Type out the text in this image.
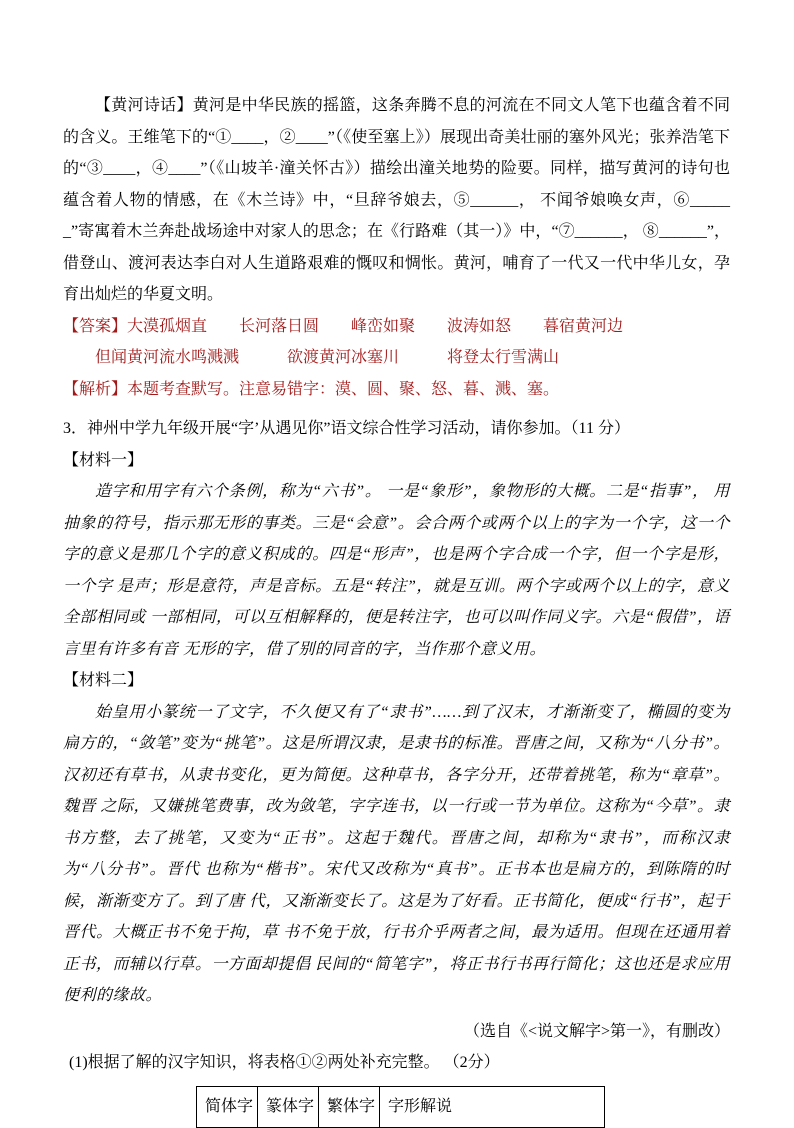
【黄河诗话】黄河是中华民族的摇篮，这条奔腾不息的河流在不同文人笔下也蕴含着不同的含义。王维笔下的“①____，②____”（《使至塞上》）展现出奇美壮丽的塞外风光；张养浩笔下的“③____，④____”（《山坡羊·潼关怀古》）描绘出潼关地势的险要。同样，描写黄河的诗句也蕴含着人物的情感，在《木兰诗》中，“旦辞爷娘去，⑤______， 不闻爷娘唤女声，⑥______”寄寓着木兰奔赴战场途中对家人的思念；在《行路难（其一）》中，“⑦______， ⑧______”，借登山、渡河表达李白对人生道路艰难的慨叹和惆怅。黄河，哺育了一代又一代中华儿女，孕育出灿烂的华夏文明。

【答案】大漠孤烟直　　长河落日圆　　峰峦如聚　　波涛如怒　　暮宿黄河边
但闻黄河流水鸣溅溅　　　欲渡黄河冰塞川　　　将登太行雪满山
【解析】本题考查默写。注意易错字：漠、圆、聚、怒、暮、溅、塞。
3．神州中学九年级开展“字’从遇见你”语文综合性学习活动，请你参加。（11 分）
【材料一】

造字和用字有六个条例，称为“六书”。 一是“象形”，象物形的大概。二是“指事”， 用抽象的符号，指示那无形的事类。三是“会意”。会合两个或两个以上的字为一个字，这一个字的意义是那几个字的意义积成的。四是“形声”，也是两个字合成一个字，但一个字是形， 一个字 是声；形是意符，声是音标。五是“转注”，就是互训。两个字或两个以上的字，意义全部相同或 一部相同，可以互相解释的，便是转注字，也可以叫作同义字。六是“假借”，语言里有许多有音 无形的字，借了别的同音的字，当作那个意义用。

【材料二】

始皇用小篆统一了文字，不久便又有了“隶书”……到了汉末，才渐渐变了，椭圆的变为扁方的，“敛笔”变为“挑笔”。这是所谓汉隶，是隶书的标准。晋唐之间，又称为“八分书”。 汉初还有草书，从隶书变化，更为简便。这种草书，各字分开，还带着挑笔，称为“章草”。魏晋 之际，又嫌挑笔费事，改为敛笔，字字连书，以一行或一节为单位。这称为“今草”。隶书方整，去了挑笔，又变为“正书”。这起于魏代。晋唐之间，却称为“隶书”，而称汉隶为“八分书”。晋代 也称为“楷书”。宋代又改称为“真书”。正书本也是扁方的，到陈隋的时候，渐渐变方了。到了唐 代，又渐渐变长了。这是为了好看。正书简化，便成“行书”，起于晋代。大概正书不免于拘，草 书不免于放，行书介乎两者之间，最为适用。但现在还通用着正书，而辅以行草。一方面却提倡 民间的“简笔字”，将正书行书再行简化；这也还是求应用便利的缘故。

（选自《<说文解字>第一》，有删改）
(1)根据了解的汉字知识，将表格①②两处补充完整。 （2分）
简体字	篆体字	繁体字	字形解说
